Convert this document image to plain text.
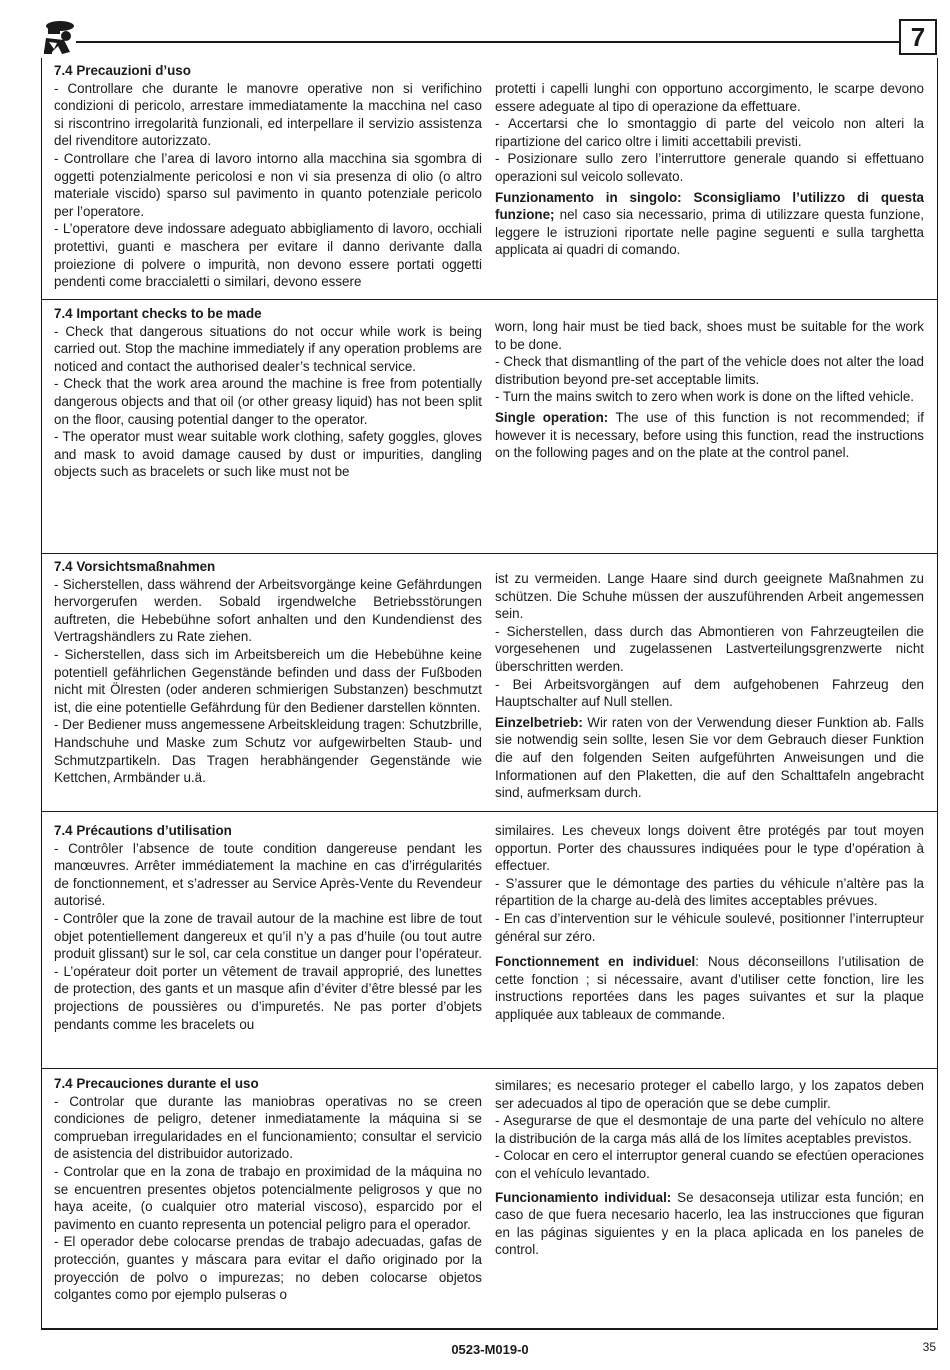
7
7.4 Precauzioni d’uso

- Controllare che durante le manovre operative non si verifichino condizioni di pericolo, arrestare immediatamente la macchina nel caso si riscontrino irregolarità funzionali, ed interpellare il servizio assistenza del rivenditore autorizzato.

- Controllare che l’area di lavoro intorno alla macchina sia sgombra di oggetti potenzialmente pericolosi e non vi sia presenza di olio (o altro materiale viscido) sparso sul pavimento in quanto potenziale pericolo per l’operatore.

- L’operatore deve indossare adeguato abbigliamento di lavoro, occhiali protettivi, guanti e maschera per evitare il danno derivante dalla proiezione di polvere o impurità, non devono essere portati oggetti pendenti come braccialetti o similari, devono essere

protetti i capelli lunghi con opportuno accorgimento, le scarpe devono essere adeguate al tipo di operazione da effettuare.

- Accertarsi che lo smontaggio di parte del veicolo non alteri la ripartizione del carico oltre i limiti accettabili previsti.

- Posizionare sullo zero l’interruttore generale quando si effettuano operazioni sul veicolo sollevato.

Funzionamento in singolo: Sconsigliamo l’utilizzo di questa funzione; nel caso sia necessario, prima di utilizzare questa funzione, leggere le istruzioni riportate nelle pagine seguenti e sulla targhetta applicata ai quadri di comando.

7.4 Important checks to be made

- Check that dangerous situations do not occur while work is being carried out. Stop the machine immediately if any operation problems are noticed and contact the authorised dealer’s technical service.

- Check that the work area around the machine is free from potentially dangerous objects and that oil (or other greasy liquid) has not been split on the floor, causing potential danger to the operator.

- The operator must wear suitable work clothing, safety goggles, gloves and mask to avoid damage caused by dust or impurities, dangling objects such as bracelets or such like must not be

worn, long hair must be tied back, shoes must be suitable for the work to be done.

- Check that dismantling of the part of the vehicle does not alter the load distribution beyond pre-set acceptable limits.

- Turn the mains switch to zero when work is done on the lifted vehicle.

Single operation: The use of this function is not recommended; if however it is necessary, before using this function, read the instructions on the following pages and on the plate at the control panel.

7.4 Vorsichtsmaßnahmen

- Sicherstellen, dass während der Arbeitsvorgänge keine Gefährdungen hervorgerufen werden. Sobald irgendwelche Betriebsstörungen auftreten, die Hebebühne sofort anhalten und den Kundendienst des Vertragshändlers zu Rate ziehen.

- Sicherstellen, dass sich im Arbeitsbereich um die Hebebühne keine potentiell gefährlichen Gegenstände befinden und dass der Fußboden nicht mit Ölresten (oder anderen schmierigen Substanzen) beschmutzt ist, die eine potentielle Gefährdung für den Bediener darstellen könnten.

- Der Bediener muss angemessene Arbeitskleidung tragen: Schutzbrille, Handschuhe und Maske zum Schutz vor aufgewirbelten Staub- und Schmutzpartikeln. Das Tragen herabhängender Gegenstände wie Kettchen, Armbänder u.ä.

ist zu vermeiden. Lange Haare sind durch geeignete Maßnahmen zu schützen. Die Schuhe müssen der auszuführenden Arbeit angemessen sein.

- Sicherstellen, dass durch das Abmontieren von Fahrzeugteilen die vorgesehenen und zugelassenen Lastverteilungsgrenzwerte nicht überschritten werden.

- Bei Arbeitsvorgängen auf dem aufgehobenen Fahrzeug den Hauptschalter auf Null stellen.

Einzelbetrieb: Wir raten von der Verwendung dieser Funktion ab. Falls sie notwendig sein sollte, lesen Sie vor dem Gebrauch dieser Funktion die auf den folgenden Seiten aufgeführten Anweisungen und die Informationen auf den Plaketten, die auf den Schalttafeln angebracht sind, aufmerksam durch.

7.4 Précautions d’utilisation

- Contrôler l’absence de toute condition dangereuse pendant les manœuvres. Arrêter immédiatement la machine en cas d’irrégularités de fonctionnement, et s’adresser au Service Après-Vente du Revendeur autorisé.

- Contrôler que la zone de travail autour de la machine est libre de tout objet potentiellement dangereux et qu’il n’y a pas d’huile (ou tout autre produit glissant) sur le sol, car cela constitue un danger pour l’opérateur.

- L’opérateur doit porter un vêtement de travail approprié, des lunettes de protection, des gants et un masque afin d’éviter d’être blessé par les projections de poussières ou d’impuretés. Ne pas porter d’objets pendants comme les bracelets ou

similaires. Les cheveux longs doivent être protégés par tout moyen opportun. Porter des chaussures indiquées pour le type d’opération à effectuer.

- S’assurer que le démontage des parties du véhicule n’altère pas la répartition de la charge au-delà des limites acceptables prévues.

- En cas d’intervention sur le véhicule soulevé, positionner l’interrupteur général sur zéro.

Fonctionnement en individuel: Nous déconseillons l’utilisation de cette fonction ; si nécessaire, avant d’utiliser cette fonction, lire les instructions reportées dans les pages suivantes et sur la plaque appliquée aux tableaux de commande.

7.4 Precauciones durante el uso

- Controlar que durante las maniobras operativas no se creen condiciones de peligro, detener inmediatamente la máquina si se comprueban irregularidades en el funcionamiento; consultar el servicio de asistencia del distribuidor autorizado.

- Controlar que en la zona de trabajo en proximidad de la máquina no se encuentren presentes objetos potencialmente peligrosos y que no haya aceite, (o cualquier otro material viscoso), esparcido por el pavimento en cuanto representa un potencial peligro para el operador.

- El operador debe colocarse prendas de trabajo adecuadas, gafas de protección, guantes y máscara para evitar el daño originado por la proyección de polvo o impurezas; no deben colocarse objetos colgantes como por ejemplo pulseras o

similares; es necesario proteger el cabello largo, y los zapatos deben ser adecuados al tipo de operación que se debe cumplir.

- Asegurarse de que el desmontaje de una parte del vehículo no altere la distribución de la carga más allá de los límites aceptables previstos.

- Colocar en cero el interruptor general cuando se efectúen operaciones con el vehículo levantado.

Funcionamiento individual: Se desaconseja utilizar esta función; en caso de que fuera necesario hacerlo, lea las instrucciones que figuran en las páginas siguientes y en la placa aplicada en los paneles de control.

0523-M019-0	35
